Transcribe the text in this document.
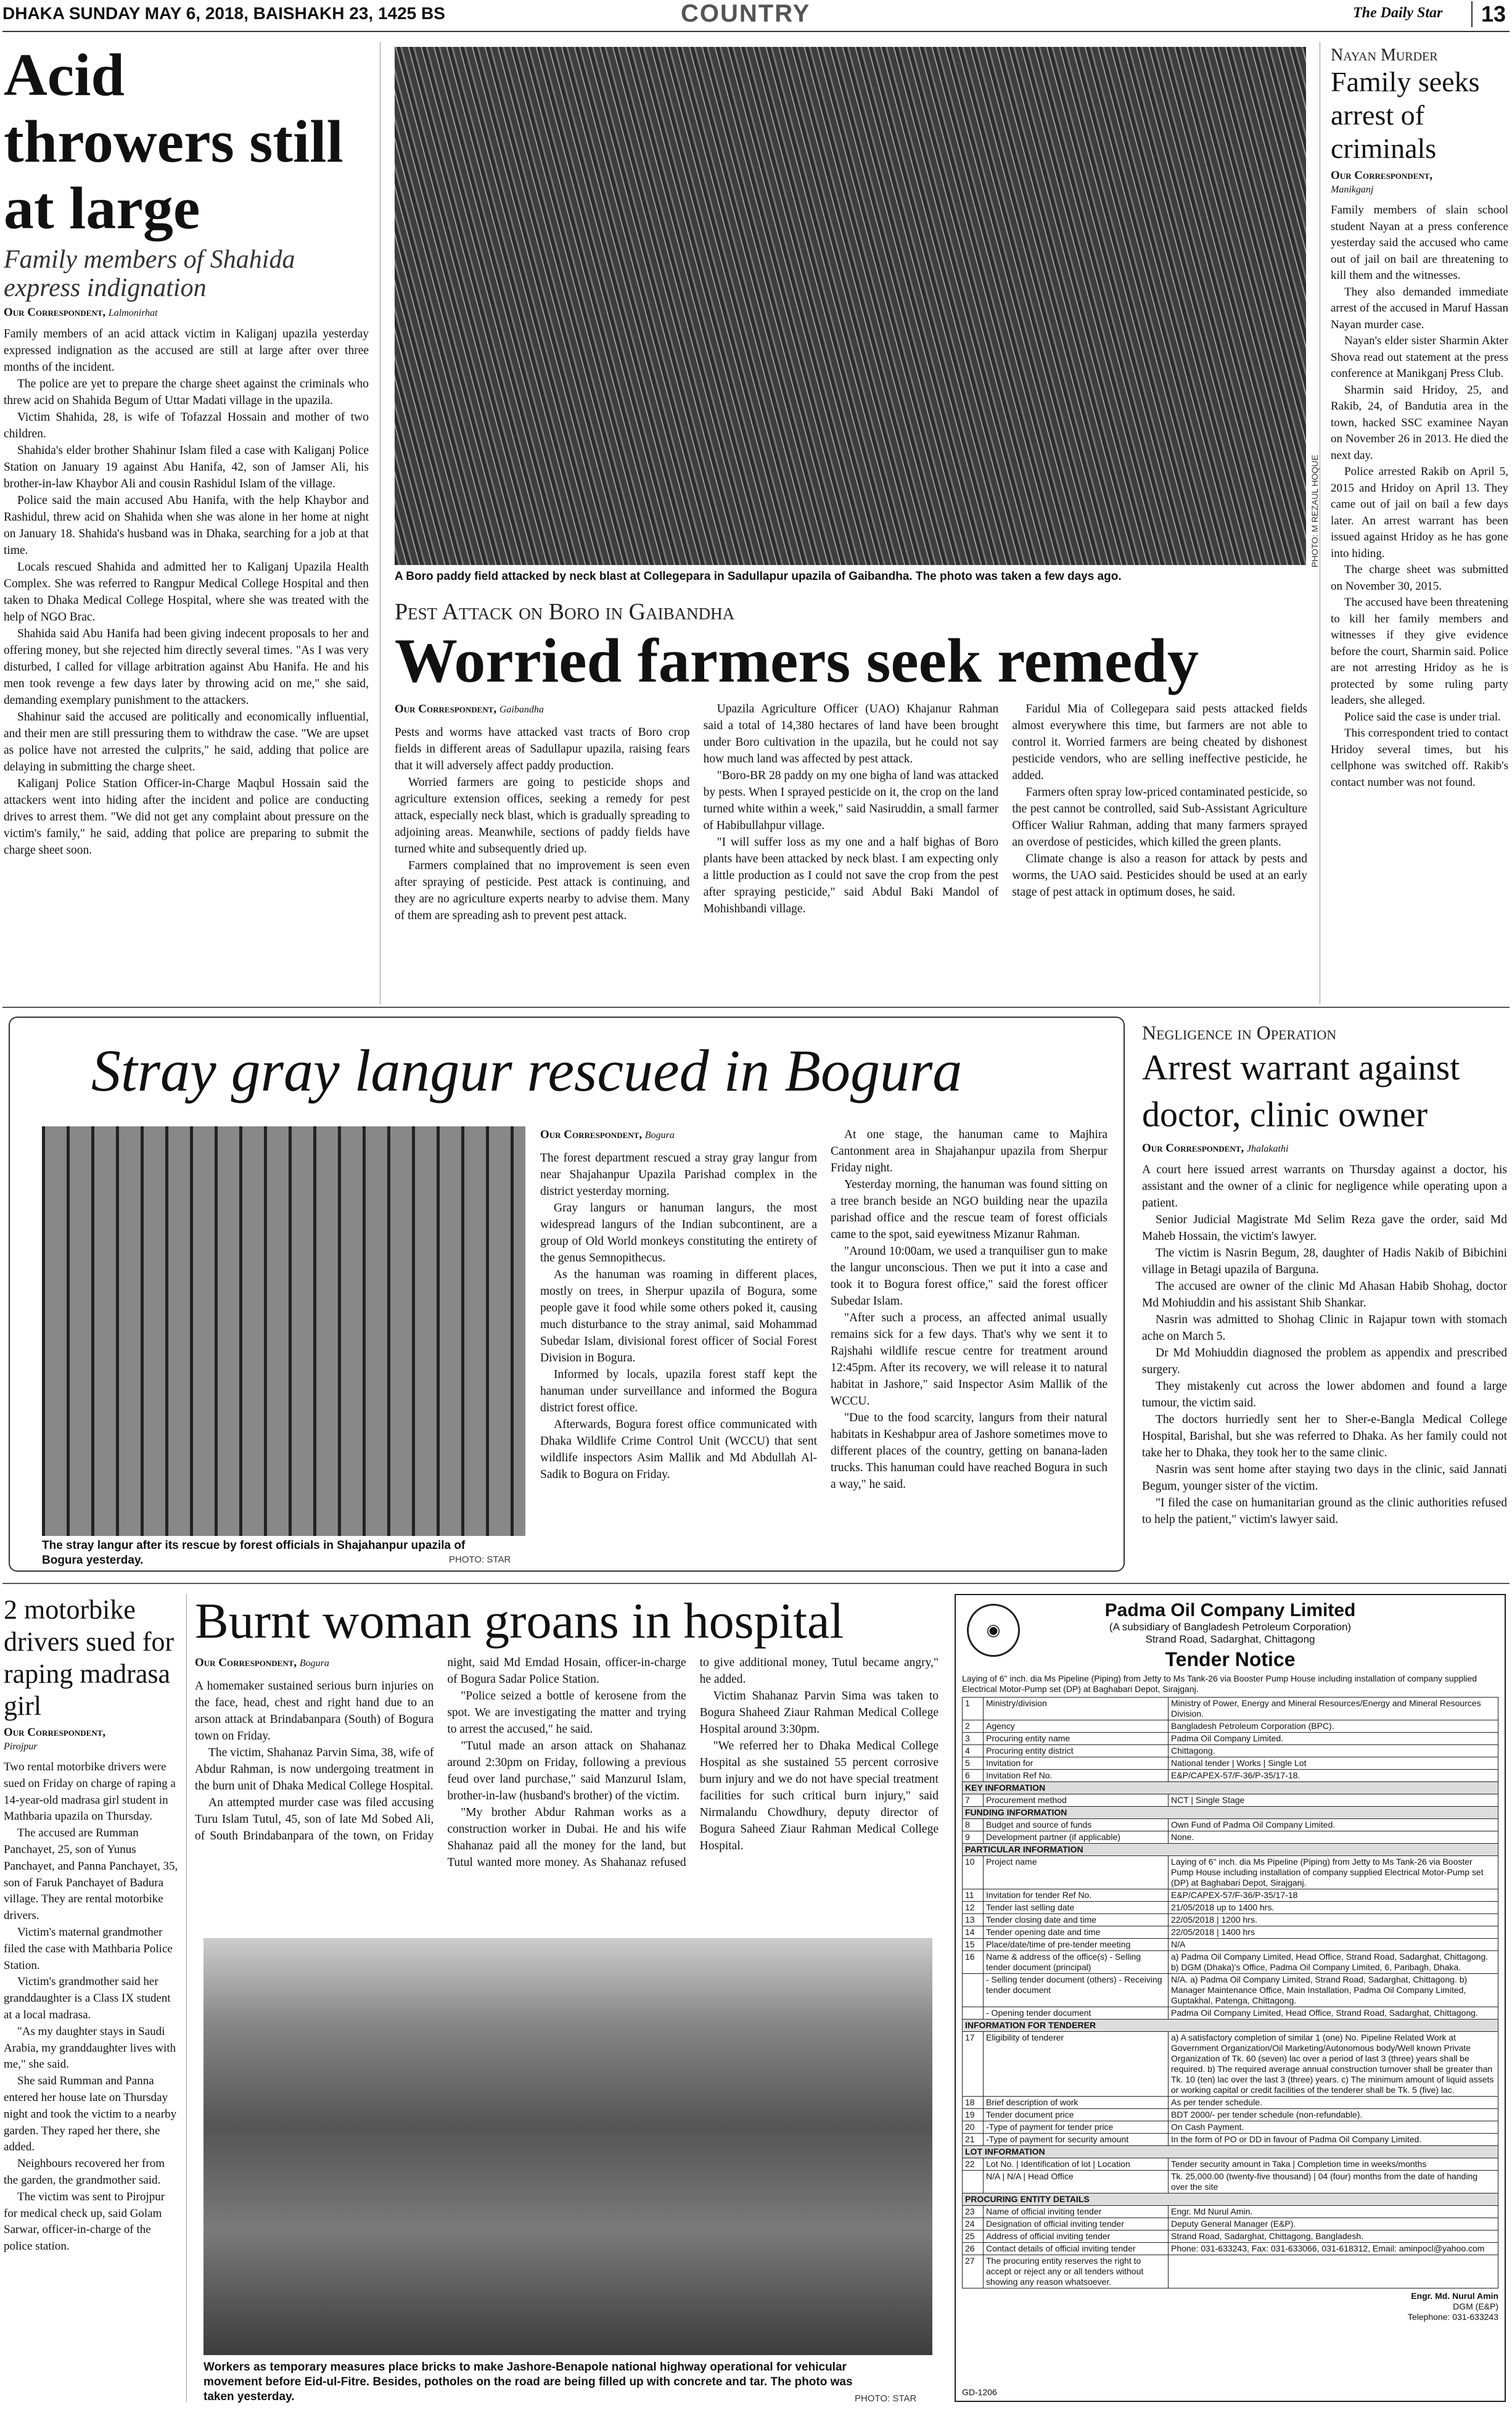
DHAKA SUNDAY MAY 6, 2018, BAISHAKH 23, 1425 BS	COUNTRY	The Daily Star	13
Acid throwers still at large
Family members of Shahida express indignation
Our Correspondent, Lalmonirhat

Family members of an acid attack victim in Kaliganj upazila yesterday expressed indignation as the accused are still at large after over three months of the incident.

The police are yet to prepare the charge sheet against the criminals who threw acid on Shahida Begum of Uttar Madati village in the upazila.

Victim Shahida, 28, is wife of Tofazzal Hossain and mother of two children.

Shahida's elder brother Shahinur Islam filed a case with Kaliganj Police Station on January 19 against Abu Hanifa, 42, son of Jamser Ali, his brother-in-law Khaybor Ali and cousin Rashidul Islam of the village.

Police said the main accused Abu Hanifa, with the help Khaybor and Rashidul, threw acid on Shahida when she was alone in her home at night on January 18. Shahida's husband was in Dhaka, searching for a job at that time.

Locals rescued Shahida and admitted her to Kaliganj Upazila Health Complex. She was referred to Rangpur Medical College Hospital and then taken to Dhaka Medical College Hospital, where she was treated with the help of NGO Brac.

Shahida said Abu Hanifa had been giving indecent proposals to her and offering money, but she rejected him directly several times. "As I was very disturbed, I called for village arbitration against Abu Hanifa. He and his men took revenge a few days later by throwing acid on me," she said, demanding exemplary punishment to the attackers.

Shahinur said the accused are politically and economically influential, and their men are still pressuring them to withdraw the case. "We are upset as police have not arrested the culprits," he said, adding that police are delaying in submitting the charge sheet.

Kaliganj Police Station Officer-in-Charge Maqbul Hossain said the attackers went into hiding after the incident and police are conducting drives to arrest them. "We did not get any complaint about pressure on the victim's family," he said, adding that police are preparing to submit the charge sheet soon.

PHOTO: M REZAUL HOQUE
A Boro paddy field attacked by neck blast at Collegepara in Sadullapur upazila of Gaibandha. The photo was taken a few days ago.
Pest Attack on Boro in Gaibandha
Worried farmers seek remedy
Our Correspondent, Gaibandha

Pests and worms have attacked vast tracts of Boro crop fields in different areas of Sadullapur upazila, raising fears that it will adversely affect paddy production.

Worried farmers are going to pesticide shops and agriculture extension offices, seeking a remedy for pest attack, especially neck blast, which is gradually spreading to adjoining areas. Meanwhile, sections of paddy fields have turned white and subsequently dried up.

Farmers complained that no improvement is seen even after spraying of pesticide. Pest attack is continuing, and they are no agriculture experts nearby to advise them. Many of them are spreading ash to prevent pest attack.

Upazila Agriculture Officer (UAO) Khajanur Rahman said a total of 14,380 hectares of land have been brought under Boro cultivation in the upazila, but he could not say how much land was affected by pest attack.

"Boro-BR 28 paddy on my one bigha of land was attacked by pests. When I sprayed pesticide on it, the crop on the land turned white within a week," said Nasiruddin, a small farmer of Habibullahpur village.

"I will suffer loss as my one and a half bighas of Boro plants have been attacked by neck blast. I am expecting only a little production as I could not save the crop from the pest after spraying pesticide," said Abdul Baki Mandol of Mohishbandi village.

Faridul Mia of Collegepara said pests attacked fields almost everywhere this time, but farmers are not able to control it. Worried farmers are being cheated by dishonest pesticide vendors, who are selling ineffective pesticide, he added.

Farmers often spray low-priced contaminated pesticide, so the pest cannot be controlled, said Sub-Assistant Agriculture Officer Waliur Rahman, adding that many farmers sprayed an overdose of pesticides, which killed the green plants.

Climate change is also a reason for attack by pests and worms, the UAO said. Pesticides should be used at an early stage of pest attack in optimum doses, he said.

Nayan Murder
Family seeks arrest of criminals
Our Correspondent,
Manikganj

Family members of slain school student Nayan at a press conference yesterday said the accused who came out of jail on bail are threatening to kill them and the witnesses.

They also demanded immediate arrest of the accused in Maruf Hassan Nayan murder case.

Nayan's elder sister Sharmin Akter Shova read out statement at the press conference at Manikganj Press Club.

Sharmin said Hridoy, 25, and Rakib, 24, of Bandutia area in the town, hacked SSC examinee Nayan on November 26 in 2013. He died the next day.

Police arrested Rakib on April 5, 2015 and Hridoy on April 13. They came out of jail on bail a few days later. An arrest warrant has been issued against Hridoy as he has gone into hiding.

The charge sheet was submitted on November 30, 2015.

The accused have been threatening to kill her family members and witnesses if they give evidence before the court, Sharmin said. Police are not arresting Hridoy as he is protected by some ruling party leaders, she alleged.

Police said the case is under trial.

This correspondent tried to contact Hridoy several times, but his cellphone was switched off. Rakib's contact number was not found.

Stray gray langur rescued in Bogura
The stray langur after its rescue by forest officials in Shajahanpur upazila of Bogura yesterday.	PHOTO: STAR
Our Correspondent, Bogura

The forest department rescued a stray gray langur from near Shajahanpur Upazila Parishad complex in the district yesterday morning.

Gray langurs or hanuman langurs, the most widespread langurs of the Indian subcontinent, are a group of Old World monkeys constituting the entirety of the genus Semnopithecus.

As the hanuman was roaming in different places, mostly on trees, in Sherpur upazila of Bogura, some people gave it food while some others poked it, causing much disturbance to the stray animal, said Mohammad Subedar Islam, divisional forest officer of Social Forest Division in Bogura.

Informed by locals, upazila forest staff kept the hanuman under surveillance and informed the Bogura district forest office.

Afterwards, Bogura forest office communicated with Dhaka Wildlife Crime Control Unit (WCCU) that sent wildlife inspectors Asim Mallik and Md Abdullah Al-Sadik to Bogura on Friday.

At one stage, the hanuman came to Majhira Cantonment area in Shajahanpur upazila from Sherpur Friday night.

Yesterday morning, the hanuman was found sitting on a tree branch beside an NGO building near the upazila parishad office and the rescue team of forest officials came to the spot, said eyewitness Mizanur Rahman.

"Around 10:00am, we used a tranquiliser gun to make the langur unconscious. Then we put it into a case and took it to Bogura forest office," said the forest officer Subedar Islam.

"After such a process, an affected animal usually remains sick for a few days. That's why we sent it to Rajshahi wildlife rescue centre for treatment around 12:45pm. After its recovery, we will release it to natural habitat in Jashore," said Inspector Asim Mallik of the WCCU.

"Due to the food scarcity, langurs from their natural habitats in Keshabpur area of Jashore sometimes move to different places of the country, getting on banana-laden trucks. This hanuman could have reached Bogura in such a way," he said.

Negligence in Operation
Arrest warrant against doctor, clinic owner
Our Correspondent, Jhalakathi

A court here issued arrest warrants on Thursday against a doctor, his assistant and the owner of a clinic for negligence while operating upon a patient.

Senior Judicial Magistrate Md Selim Reza gave the order, said Md Maheb Hossain, the victim's lawyer.

The victim is Nasrin Begum, 28, daughter of Hadis Nakib of Bibichini village in Betagi upazila of Barguna.

The accused are owner of the clinic Md Ahasan Habib Shohag, doctor Md Mohiuddin and his assistant Shib Shankar.

Nasrin was admitted to Shohag Clinic in Rajapur town with stomach ache on March 5.

Dr Md Mohiuddin diagnosed the problem as appendix and prescribed surgery.

They mistakenly cut across the lower abdomen and found a large tumour, the victim said.

The doctors hurriedly sent her to Sher-e-Bangla Medical College Hospital, Barishal, but she was referred to Dhaka. As her family could not take her to Dhaka, they took her to the same clinic.

Nasrin was sent home after staying two days in the clinic, said Jannati Begum, younger sister of the victim.

"I filed the case on humanitarian ground as the clinic authorities refused to help the patient," victim's lawyer said.

2 motorbike drivers sued for raping madrasa girl
Our Correspondent,
Pirojpur

Two rental motorbike drivers were sued on Friday on charge of raping a 14-year-old madrasa girl student in Mathbaria upazila on Thursday.

The accused are Rumman Panchayet, 25, son of Yunus Panchayet, and Panna Panchayet, 35, son of Faruk Panchayet of Badura village. They are rental motorbike drivers.

Victim's maternal grandmother filed the case with Mathbaria Police Station.

Victim's grandmother said her granddaughter is a Class IX student at a local madrasa.

"As my daughter stays in Saudi Arabia, my granddaughter lives with me," she said.

She said Rumman and Panna entered her house late on Thursday night and took the victim to a nearby garden. They raped her there, she added.

Neighbours recovered her from the garden, the grandmother said.

The victim was sent to Pirojpur for medical check up, said Golam Sarwar, officer-in-charge of the police station.

Burnt woman groans in hospital
Our Correspondent, Bogura

A homemaker sustained serious burn injuries on the face, head, chest and right hand due to an arson attack at Brindabanpara (South) of Bogura town on Friday.

The victim, Shahanaz Parvin Sima, 38, wife of Abdur Rahman, is now undergoing treatment in the burn unit of Dhaka Medical College Hospital.

An attempted murder case was filed accusing Turu Islam Tutul, 45, son of late Md Sobed Ali, of South Brindabanpara of the town, on Friday night, said Md Emdad Hosain, officer-in-charge of Bogura Sadar Police Station.

"Police seized a bottle of kerosene from the spot. We are investigating the matter and trying to arrest the accused," he said.

"Tutul made an arson attack on Shahanaz around 2:30pm on Friday, following a previous feud over land purchase," said Manzurul Islam, brother-in-law (husband's brother) of the victim.

"My brother Abdur Rahman works as a construction worker in Dubai. He and his wife Shahanaz paid all the money for the land, but Tutul wanted more money. As Shahanaz refused to give additional money, Tutul became angry," he added.

Victim Shahanaz Parvin Sima was taken to Bogura Shaheed Ziaur Rahman Medical College Hospital around 3:30pm.

"We referred her to Dhaka Medical College Hospital as she sustained 55 percent corrosive burn injury and we do not have special treatment facilities for such critical burn injury," said Nirmalandu Chowdhury, deputy director of Bogura Saheed Ziaur Rahman Medical College Hospital.

Workers as temporary measures place bricks to make Jashore-Benapole national highway operational for vehicular movement before Eid-ul-Fitre. Besides, potholes on the road are being filled up with concrete and tar. The photo was taken yesterday.	PHOTO: STAR
◉
Padma Oil Company Limited
(A subsidiary of Bangladesh Petroleum Corporation)
Strand Road, Sadarghat, Chittagong
Tender Notice
Laying of 6" inch. dia Ms Pipeline (Piping) from Jetty to Ms Tank-26 via Booster Pump House including installation of company supplied Electrical Motor-Pump set (DP) at Baghabari Depot, Sirajganj.
1	Ministry/division	Ministry of Power, Energy and Mineral Resources/Energy and Mineral Resources Division.
2	Agency	Bangladesh Petroleum Corporation (BPC).
3	Procuring entity name	Padma Oil Company Limited.
4	Procuring entity district	Chittagong.
5	Invitation for	National tender | Works | Single Lot
6	Invitation Ref No.	E&P/CAPEX-57/F-36/P-35/17-18.
KEY INFORMATION		
7	Procurement method	NCT | Single Stage
FUNDING INFORMATION		
8	Budget and source of funds	Own Fund of Padma Oil Company Limited.
9	Development partner (if applicable)	None.
PARTICULAR INFORMATION		
10	Project name	Laying of 6" inch. dia Ms Pipeline (Piping) from Jetty to Ms Tank-26 via Booster Pump House including installation of company supplied Electrical Motor-Pump set (DP) at Baghabari Depot, Sirajganj.
11	Invitation for tender Ref No.	E&P/CAPEX-57/F-36/P-35/17-18
12	Tender last selling date	21/05/2018 up to 1400 hrs.
13	Tender closing date and time	22/05/2018 | 1200 hrs.
14	Tender opening date and time	22/05/2018 | 1400 hrs
15	Place/date/time of pre-tender meeting	N/A
16	Name & address of the office(s) - Selling tender document (principal)	a) Padma Oil Company Limited, Head Office, Strand Road, Sadarghat, Chittagong. b) DGM (Dhaka)'s Office, Padma Oil Company Limited, 6, Paribagh, Dhaka.
	- Selling tender document (others) - Receiving tender document	N/A. a) Padma Oil Company Limited, Strand Road, Sadarghat, Chittagong. b) Manager Maintenance Office, Main Installation, Padma Oil Company Limited, Guptakhal, Patenga, Chittagong.
	- Opening tender document	Padma Oil Company Limited, Head Office, Strand Road, Sadarghat, Chittagong.
INFORMATION FOR TENDERER		
17	Eligibility of tenderer	a) A satisfactory completion of similar 1 (one) No. Pipeline Related Work at Government Organization/Oil Marketing/Autonomous body/Well known Private Organization of Tk. 60 (seven) lac over a period of last 3 (three) years shall be required. b) The required average annual construction turnover shall be greater than Tk. 10 (ten) lac over the last 3 (three) years. c) The minimum amount of liquid assets or working capital or credit facilities of the tenderer shall be Tk. 5 (five) lac.
18	Brief description of work	As per tender schedule.
19	Tender document price	BDT 2000/- per tender schedule (non-refundable).
20	-Type of payment for tender price	On Cash Payment.
21	-Type of payment for security amount	In the form of PO or DD in favour of Padma Oil Company Limited.
LOT INFORMATION		
22	Lot No. | Identification of lot | Location	Tender security amount in Taka | Completion time in weeks/months
	N/A | N/A | Head Office	Tk. 25,000.00 (twenty-five thousand) | 04 (four) months from the date of handing over the site
PROCURING ENTITY DETAILS		
23	Name of official inviting tender	Engr. Md Nurul Amin.
24	Designation of official inviting tender	Deputy General Manager (E&P).
25	Address of official inviting tender	Strand Road, Sadarghat, Chittagong, Bangladesh.
26	Contact details of official inviting tender	Phone: 031-633243, Fax: 031-633066, 031-618312, Email: aminpocl@yahoo.com
27	The procuring entity reserves the right to accept or reject any or all tenders without showing any reason whatsoever.	
Engr. Md. Nurul Amin
DGM (E&P)
Telephone: 031-633243
GD-1206
